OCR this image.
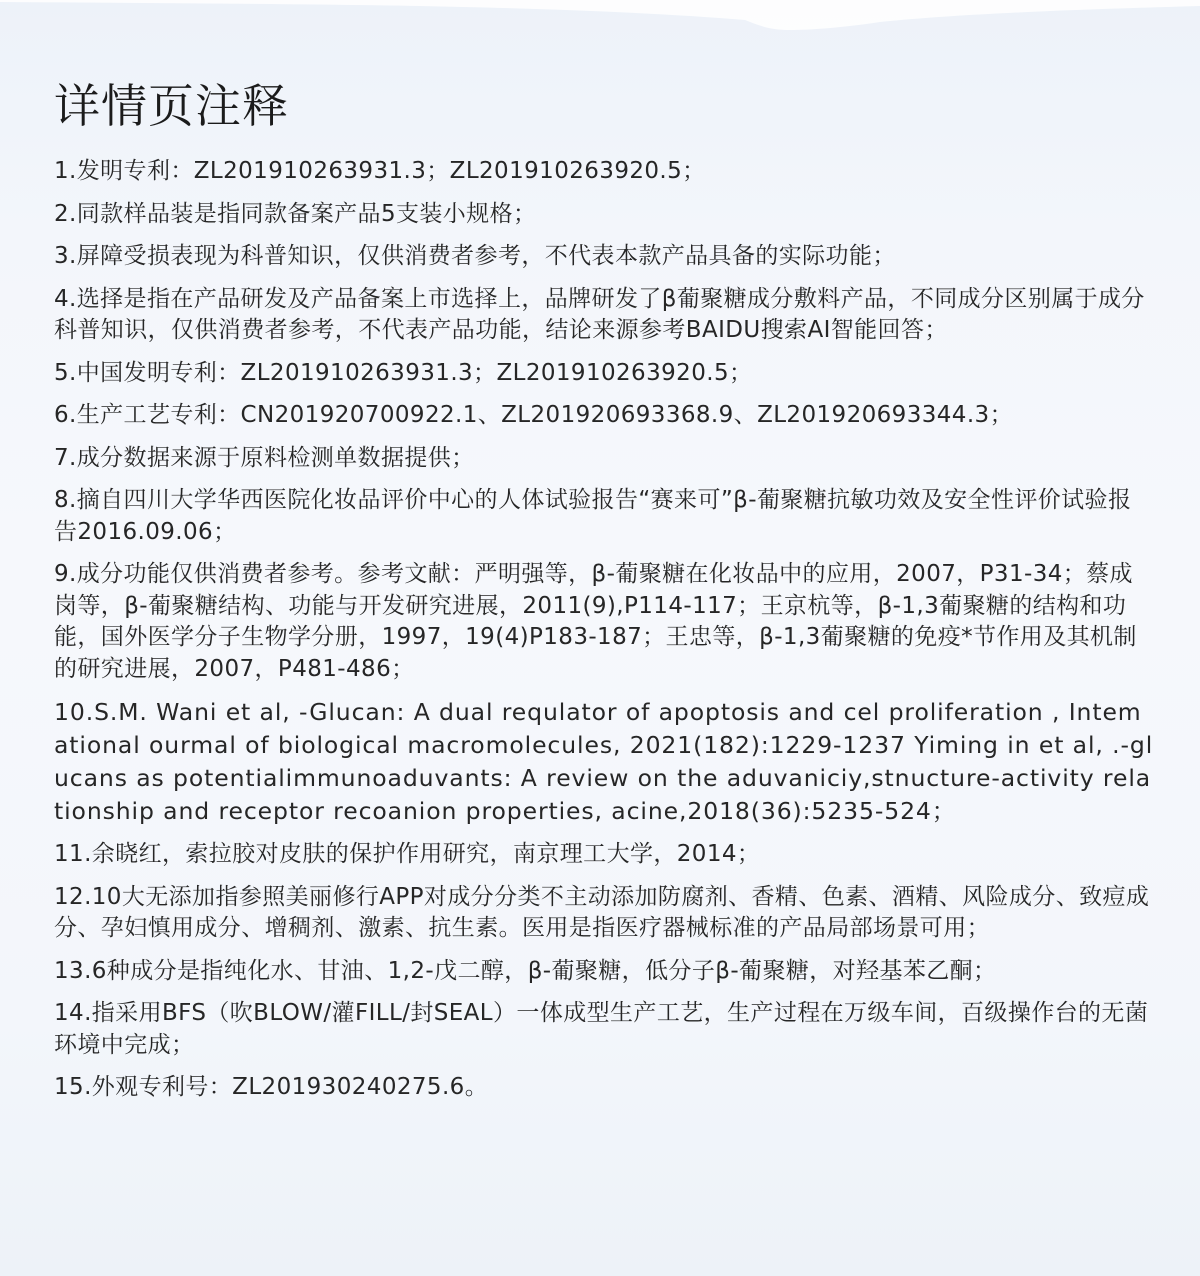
详情页注释
1.发明专利：ZL201910263931.3；ZL201910263920.5；
2.同款样品装是指同款备案产品5支装小规格；
3.屏障受损表现为科普知识，仅供消费者参考，不代表本款产品具备的实际功能；
4.选择是指在产品研发及产品备案上市选择上，品牌研发了β葡聚糖成分敷料产品，不同成分区别属于成分科普知识，仅供消费者参考，不代表产品功能，结论来源参考BAIDU搜索AI智能回答；
5.中国发明专利：ZL201910263931.3；ZL201910263920.5；
6.生产工艺专利：CN201920700922.1、ZL201920693368.9、ZL201920693344.3；
7.成分数据来源于原料检测单数据提供；
8.摘自四川大学华西医院化妆品评价中心的人体试验报告“赛来可”β-葡聚糖抗敏功效及安全性评价试验报告2016.09.06；
9.成分功能仅供消费者参考。参考文献：严明强等，β-葡聚糖在化妆品中的应用，2007，P31-34；蔡成岗等，β-葡聚糖结构、功能与开发研究进展，2011(9),P114-117；王京杭等，β-1,3葡聚糖的结构和功能，国外医学分子生物学分册，1997，19(4)P183-187；王忠等，β-1,3葡聚糖的免疫*节作用及其机制的研究进展，2007，P481-486；
10.S.M. Wani et al, -Glucan: A dual requlator of apoptosis and cel proliferation , Intemational ourmal of biological macromolecules, 2021(182):1229-1237 Yiming in et al, .-glucans as potentialimmunoaduvants: A review on the aduvaniciy,stnucture-activity relationship and receptor recoanion properties, acine,2018(36):5235-524；
11.余晓红，索拉胶对皮肤的保护作用研究，南京理工大学，2014；
12.10大无添加指参照美丽修行APP对成分分类不主动添加防腐剂、香精、色素、酒精、风险成分、致痘成分、孕妇慎用成分、增稠剂、激素、抗生素。医用是指医疗器械标准的产品局部场景可用；
13.6种成分是指纯化水、甘油、1,2-戊二醇，β-葡聚糖，低分子β-葡聚糖，对羟基苯乙酮；
14.指采用BFS（吹BLOW/灌FILL/封SEAL）一体成型生产工艺，生产过程在万级车间，百级操作台的无菌环境中完成；
15.外观专利号：ZL201930240275.6。
